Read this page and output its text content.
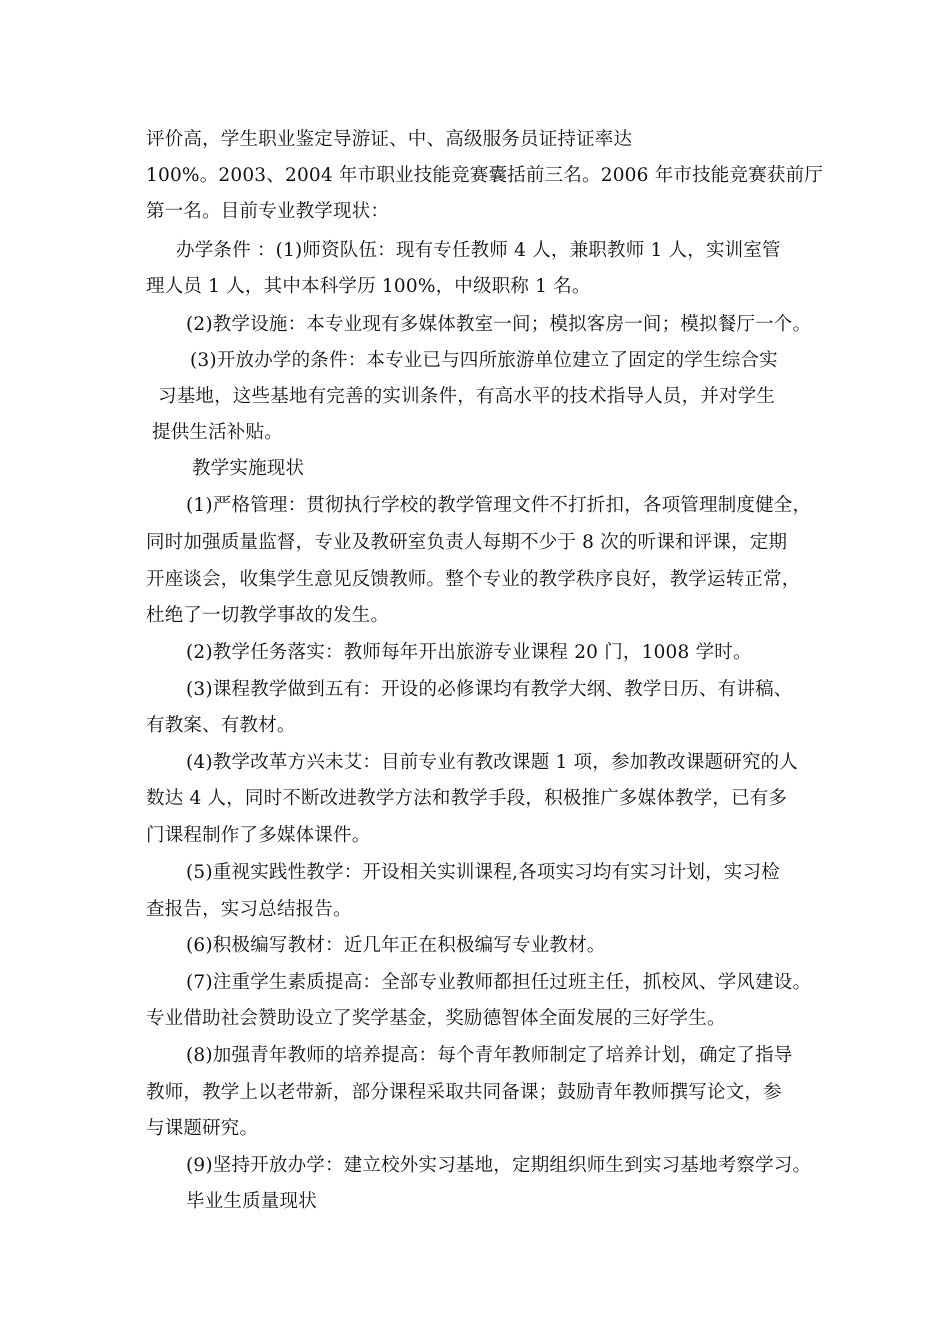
评价高，学生职业鉴定导游证、中、高级服务员证持证率达
100%。2003、2004 年市职业技能竞赛囊括前三名。2006 年市技能竞赛获前厅
第一名。目前专业教学现状：
办学条件 ：(1)师资队伍：现有专任教师 4 人，兼职教师 1 人，实训室管
理人员 1 人，其中本科学历 100%，中级职称 1 名。
(2)教学设施：本专业现有多媒体教室一间；模拟客房一间；模拟餐厅一个。
(3)开放办学的条件：本专业已与四所旅游单位建立了固定的学生综合实
习基地，这些基地有完善的实训条件，有高水平的技术指导人员，并对学生
提供生活补贴。
教学实施现状
(1)严格管理：贯彻执行学校的教学管理文件不打折扣，各项管理制度健全，
同时加强质量监督，专业及教研室负责人每期不少于 8 次的听课和评课，定期
开座谈会，收集学生意见反馈教师。整个专业的教学秩序良好，教学运转正常，
杜绝了一切教学事故的发生。
(2)教学任务落实：教师每年开出旅游专业课程 20 门，1008 学时。
(3)课程教学做到五有：开设的必修课均有教学大纲、教学日历、有讲稿、
有教案、有教材。
(4)教学改革方兴未艾：目前专业有教改课题 1 项，参加教改课题研究的人
数达 4 人，同时不断改进教学方法和教学手段，积极推广多媒体教学，已有多
门课程制作了多媒体课件。
(5)重视实践性教学：开设相关实训课程,各项实习均有实习计划，实习检
查报告，实习总结报告。
(6)积极编写教材：近几年正在积极编写专业教材。
(7)注重学生素质提高：全部专业教师都担任过班主任，抓校风、学风建设。
专业借助社会赞助设立了奖学基金，奖励德智体全面发展的三好学生。
(8)加强青年教师的培养提高：每个青年教师制定了培养计划，确定了指导
教师，教学上以老带新，部分课程采取共同备课；鼓励青年教师撰写论文，参
与课题研究。
(9)坚持开放办学：建立校外实习基地，定期组织师生到实习基地考察学习。
毕业生质量现状
